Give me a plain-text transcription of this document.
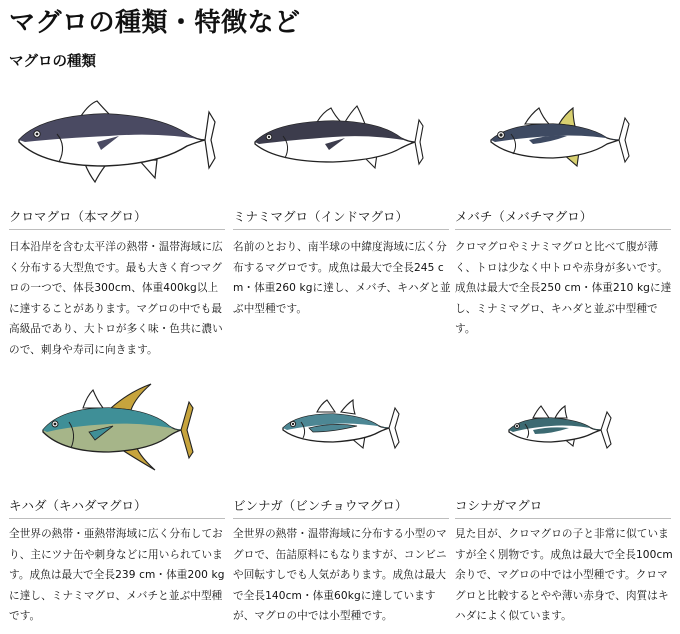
マグロの種類・特徴など
マグロの種類
クロマグロ（本マグロ）
日本沿岸を含む太平洋の熱帯・温帯海域に広く分布する大型魚です。最も大きく育つマグロの一つで、体長300cm、体重400kg以上に達することがあります。マグロの中でも最高級品であり、大トロが多く味・色共に濃いので、刺身や寿司に向きます。
ミナミマグロ（インドマグロ）
名前のとおり、南半球の中緯度海域に広く分布するマグロです。成魚は最大で全長245 cm・体重260 kgに達し、メバチ、キハダと並ぶ中型種です。
メバチ（メバチマグロ）
クロマグロやミナミマグロと比べて腹が薄く、トロは少なく中トロや赤身が多いです。成魚は最大で全長250 cm・体重210 kgに達し、ミナミマグロ、キハダと並ぶ中型種です。
キハダ（キハダマグロ）
全世界の熱帯・亜熱帯海域に広く分布しており、主にツナ缶や刺身などに用いられています。成魚は最大で全長239 cm・体重200 kgに達し、ミナミマグロ、メバチと並ぶ中型種です。
ビンナガ（ビンチョウマグロ）
全世界の熱帯・温帯海域に分布する小型のマグロで、缶詰原料にもなりますが、コンビニや回転すしでも人気があります。成魚は最大で全長140cm・体重60kgに達していますが、マグロの中では小型種です。
コシナガマグロ
見た目が、クロマグロの子と非常に似ていますが全く別物です。成魚は最大で全長100cm余りで、マグロの中では小型種です。クロマグロと比較するとやや薄い赤身で、肉質はキハダによく似ています。
